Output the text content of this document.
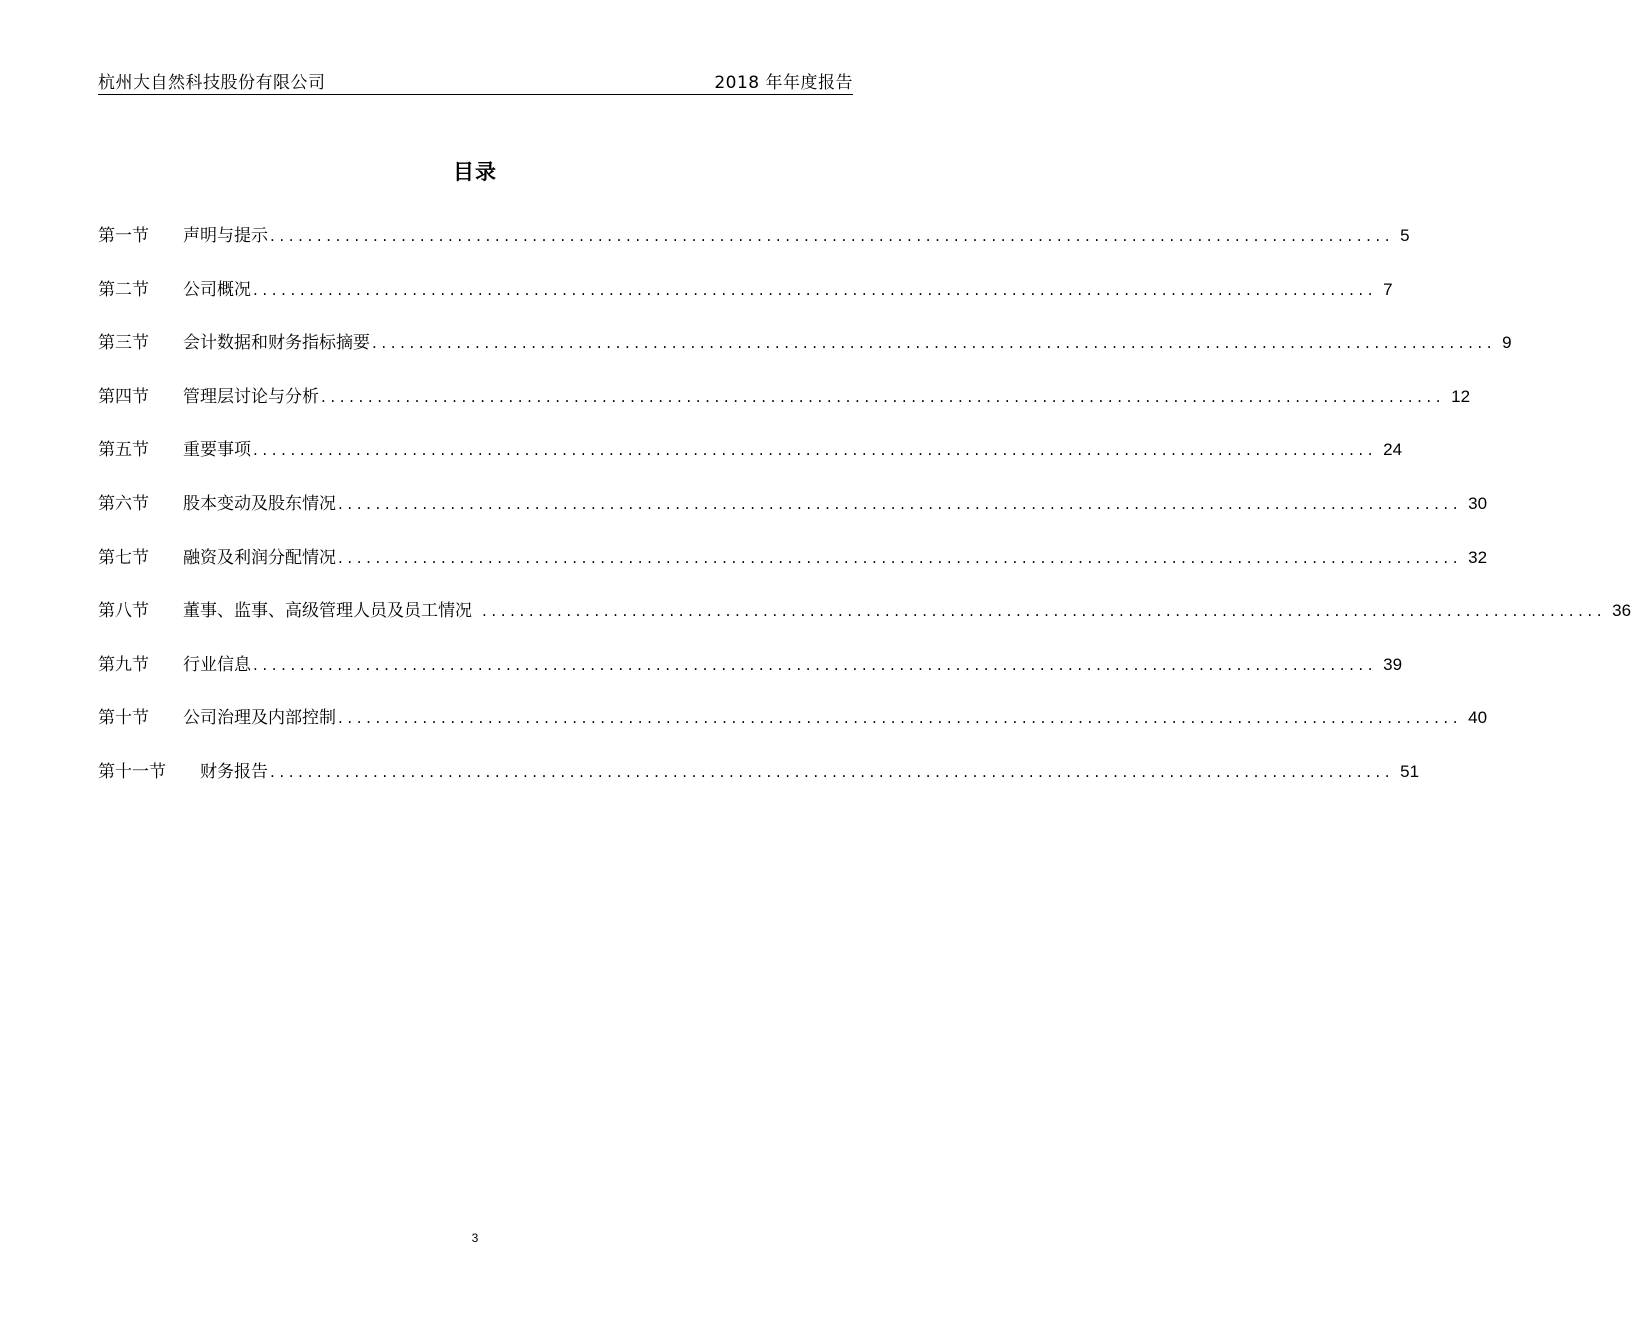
杭州大自然科技股份有限公司	2018 年年度报告
目录
第一节	声明与提示 ........................................................................................................................ 5
第二节	公司概况 ........................................................................................................................ 7
第三节	会计数据和财务指标摘要 ........................................................................................................................ 9
第四节	管理层讨论与分析 ........................................................................................................................ 12
第五节	重要事项 ........................................................................................................................ 24
第六节	股本变动及股东情况 ........................................................................................................................ 30
第七节	融资及利润分配情况 ........................................................................................................................ 32
第八节	董事、监事、高级管理人员及员工情况 ........................................................................................................................ 36
第九节	行业信息 ........................................................................................................................ 39
第十节	公司治理及内部控制 ........................................................................................................................ 40
第十一节	财务报告 ........................................................................................................................ 51
3
